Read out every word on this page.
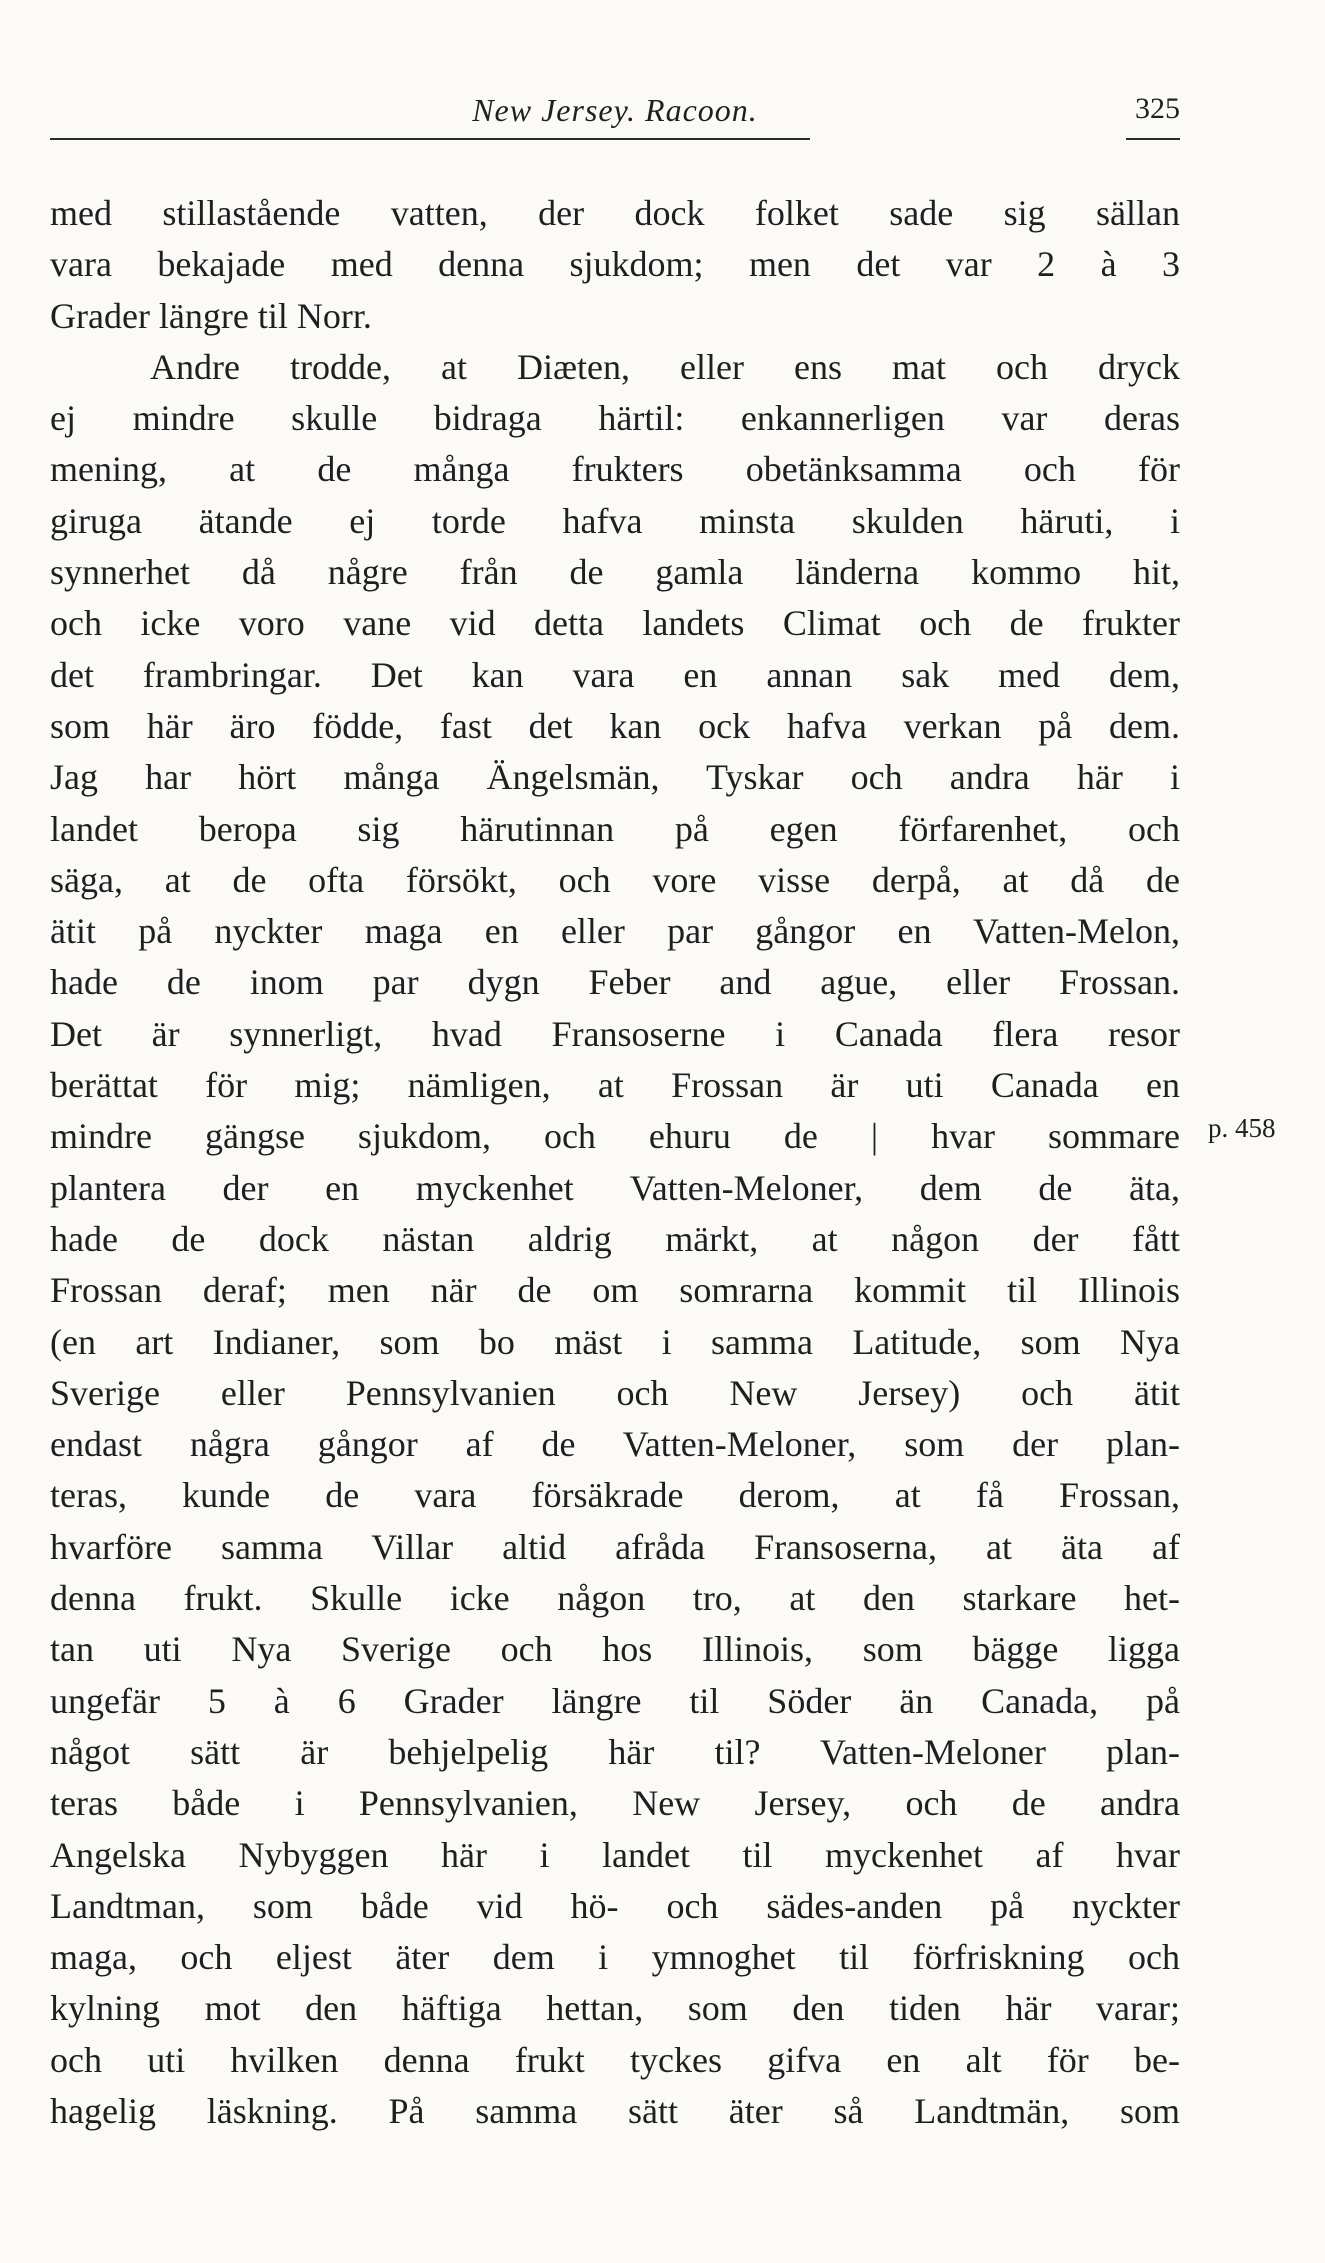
New Jersey. Racoon.	325
med stillastående vatten, der dock folket sade sig sällan
vara bekajade med denna sjukdom; men det var 2 à 3
Grader längre til Norr.
Andre trodde, at Diæten, eller ens mat och dryck
ej mindre skulle bidraga härtil: enkannerligen var deras
mening, at de många frukters obetänksamma och för
giruga ätande ej torde hafva minsta skulden häruti, i
synnerhet då någre från de gamla länderna kommo hit,
och icke voro vane vid detta landets Climat och de frukter
det frambringar. Det kan vara en annan sak med dem,
som här äro födde, fast det kan ock hafva verkan på dem.
Jag har hört många Ängelsmän, Tyskar och andra här i
landet beropa sig härutinnan på egen förfarenhet, och
säga, at de ofta försökt, och vore visse derpå, at då de
ätit på nyckter maga en eller par gångor en Vatten-Melon,
hade de inom par dygn Feber and ague, eller Frossan.
Det är synnerligt, hvad Fransoserne i Canada flera resor
berättat för mig; nämligen, at Frossan är uti Canada en
mindre gängse sjukdom, och ehuru de | hvar sommare
plantera der en myckenhet Vatten-Meloner, dem de äta,
hade de dock nästan aldrig märkt, at någon der fått
Frossan deraf; men när de om somrarna kommit til Illinois
(en art Indianer, som bo mäst i samma Latitude, som Nya
Sverige eller Pennsylvanien och New Jersey) och ätit
endast några gångor af de Vatten-Meloner, som der plan-
teras, kunde de vara försäkrade derom, at få Frossan,
hvarföre samma Villar altid afråda Fransoserna, at äta af
denna frukt. Skulle icke någon tro, at den starkare het-
tan uti Nya Sverige och hos Illinois, som bägge ligga
ungefär 5 à 6 Grader längre til Söder än Canada, på
något sätt är behjelpelig här til? Vatten-Meloner plan-
teras både i Pennsylvanien, New Jersey, och de andra
Angelska Nybyggen här i landet til myckenhet af hvar
Landtman, som både vid hö- och sädes-anden på nyckter
maga, och eljest äter dem i ymnoghet til förfriskning och
kylning mot den häftiga hettan, som den tiden här varar;
och uti hvilken denna frukt tyckes gifva en alt för be-
hagelig läskning. På samma sätt äter så Landtmän, som
p. 458
